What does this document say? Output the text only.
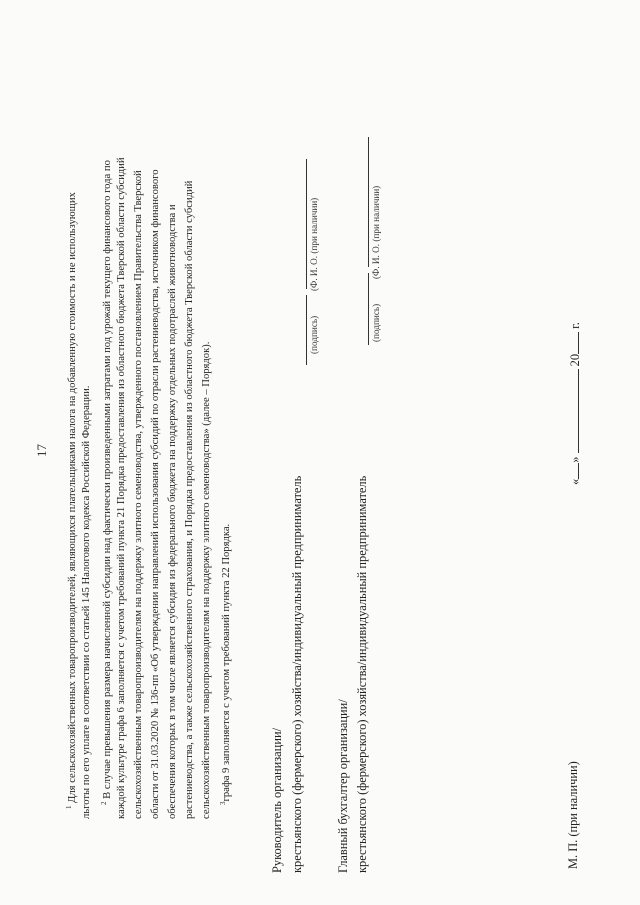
17
$^1$ Для сельскохозяйственных товаропроизводителей, являющихся плательщиками налога на добавленную стоимость и не использующих льготы по его уплате в соответствии со статьей 145 Налогового кодекса Российской Федерации.	$^2$ В случае превышения размера начисленной субсидии над фактически произведенными затратами под урожай текущего финансового года по каждой культуре графа 6 заполняется с учетом требований пункта 21 Порядка предоставления из областного бюджета Тверской области субсидий сельскохозяйственным товаропроизводителям на поддержку элитного семеноводства, утвержденного постановлением Правительства Тверской области от 31.03.2020 № 136-пп «Об утверждении направлений использования субсидий по отрасли растениеводства, источником финансового обеспечения которых в том числе является субсидия из федерального бюджета на поддержку отдельных подотраслей животноводства и растениеводства, а также сельскохозяйственного страхования, и Порядка предоставления из областного бюджета Тверской области субсидий сельскохозяйственным товаропроизводителям на поддержку элитного семеноводства» (далее – Порядок).	$^3$графа 9 заполняется с учетом требований пункта 22 Порядка.	Руководитель организации/ крестьянского (фермерского) хозяйства/индивидуальный предприниматель
(подпись)
(Ф. И. О. (при наличии)
Главный бухгалтер организации/ крестьянского (фермерского) хозяйства/индивидуальный предприниматель
(подпись)
(Ф. И. О. (при наличии)
М. П. (при наличии)
«»  20 г.
